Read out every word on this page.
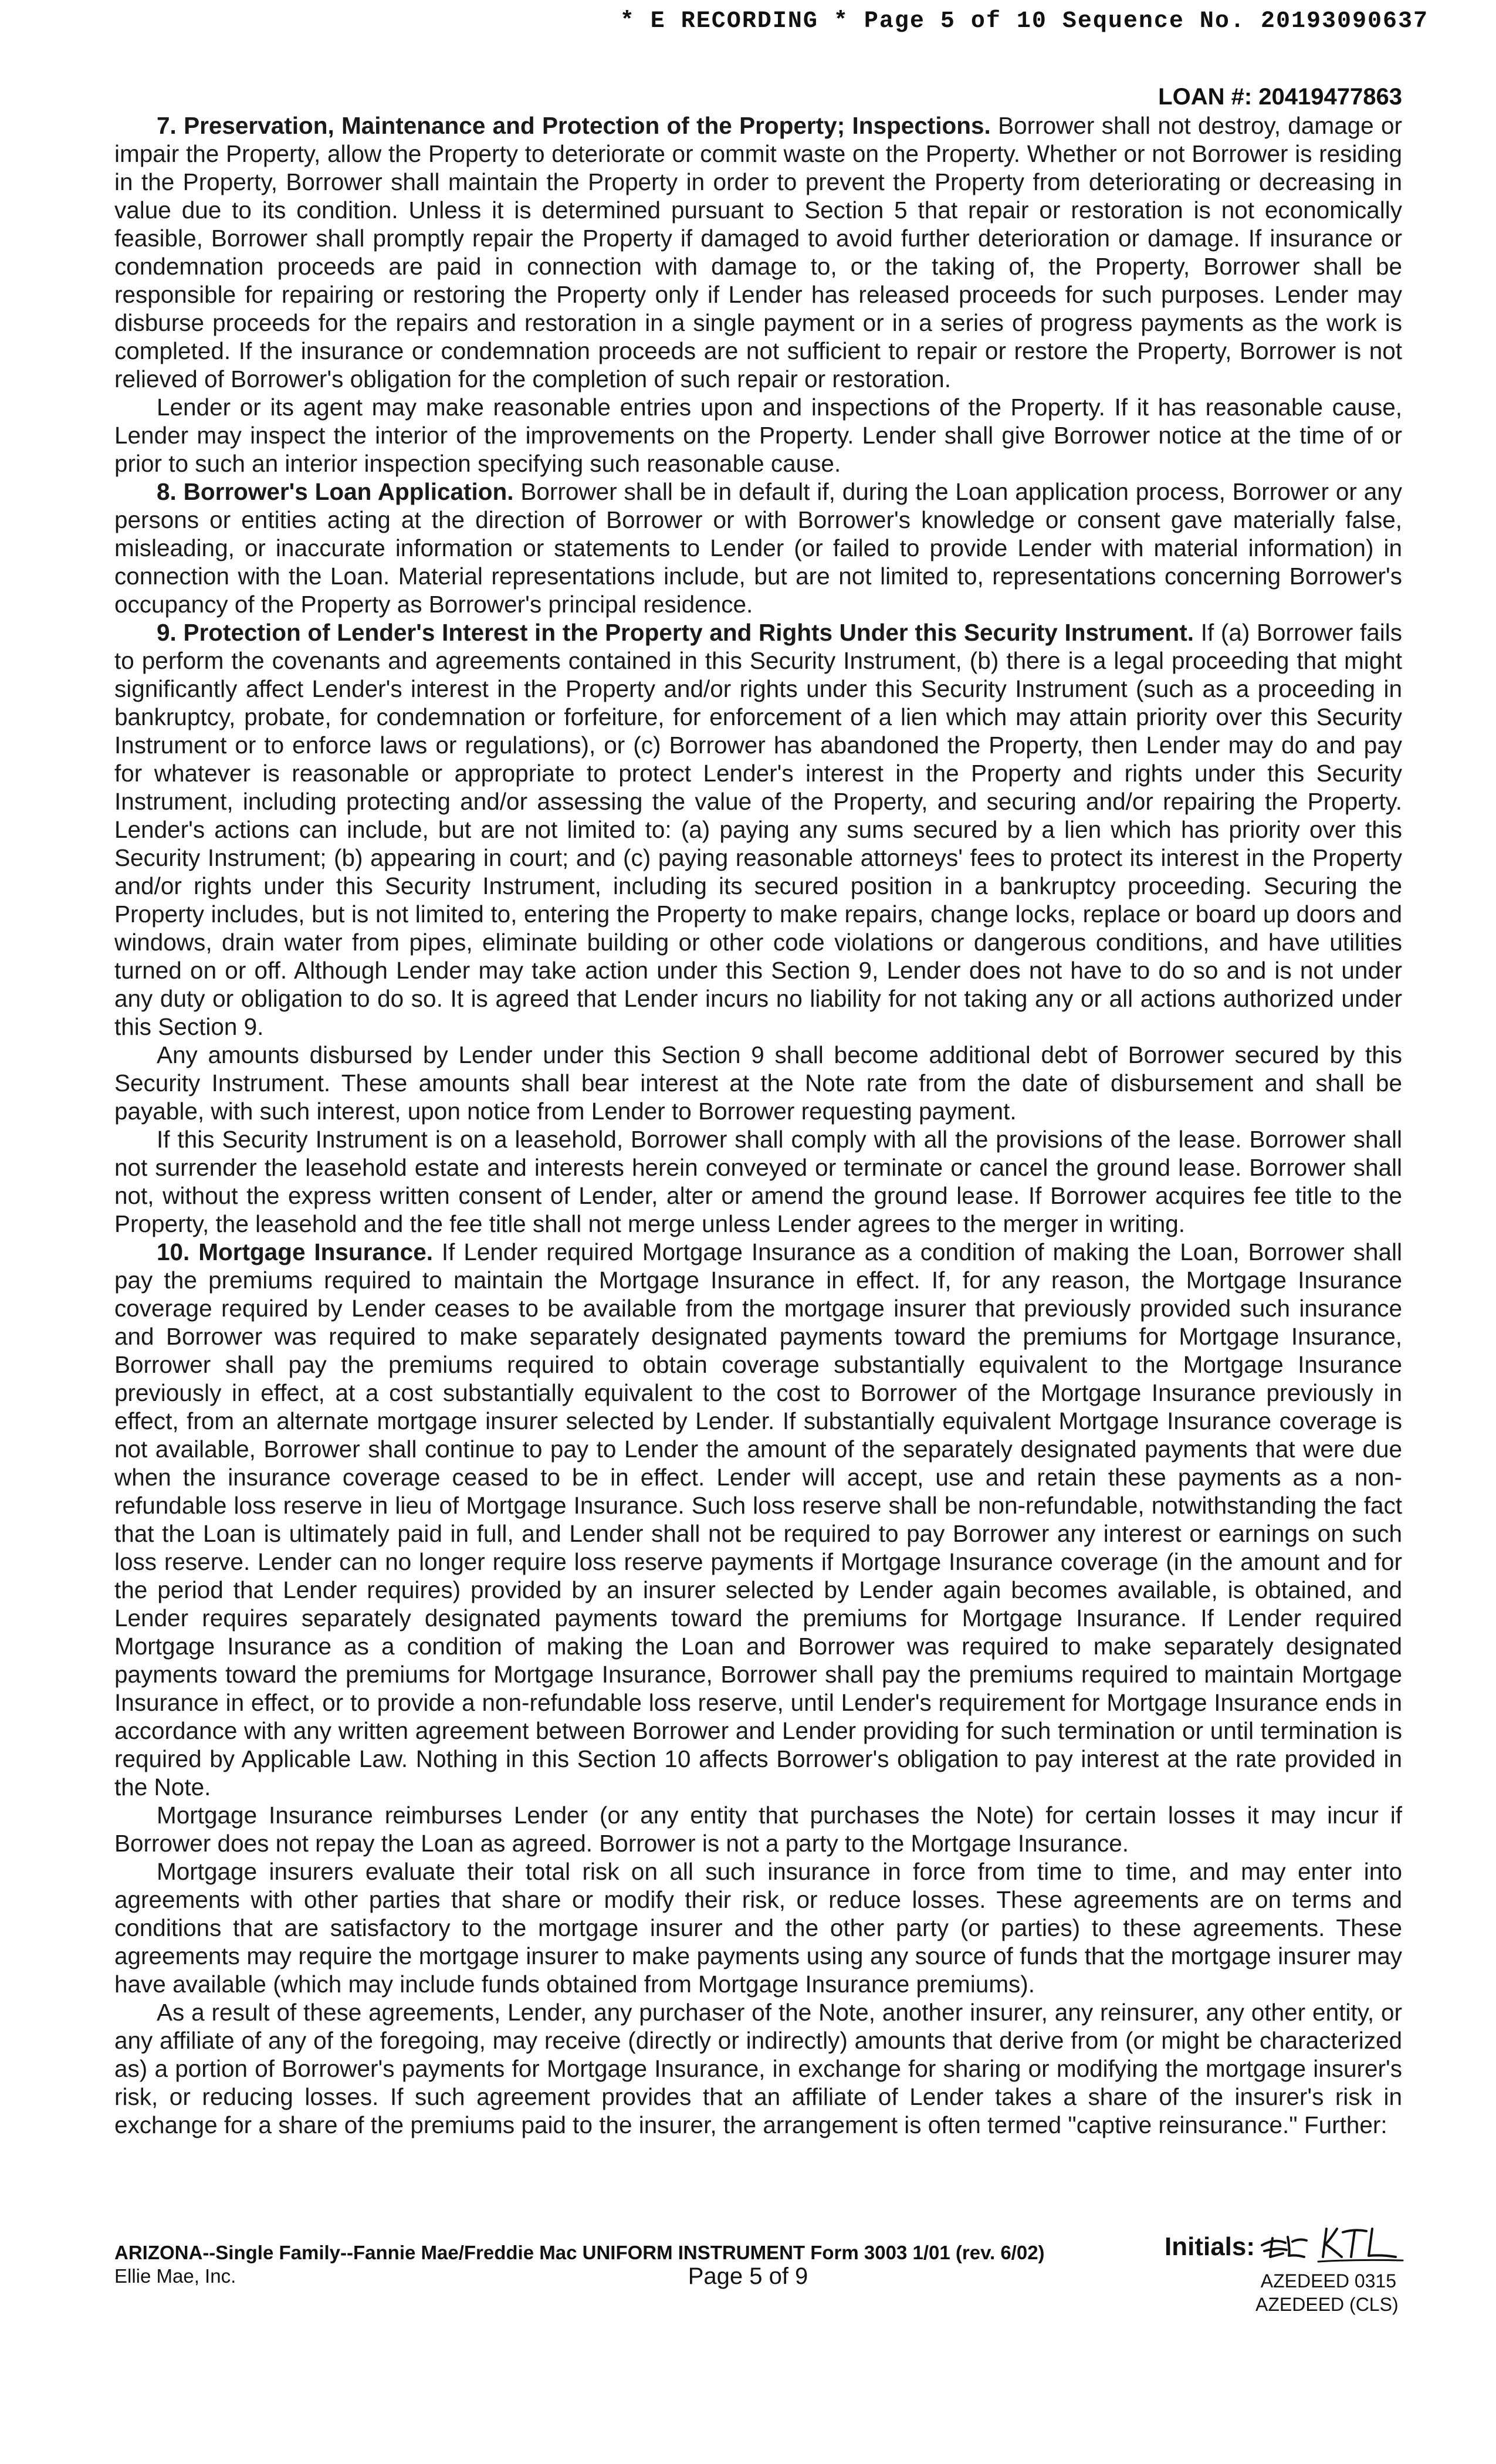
* E RECORDING * Page 5 of 10 Sequence No. 20193090637
LOAN #: 20419477863

7. Preservation, Maintenance and Protection of the Property; Inspections. Borrower shall not destroy, damage or impair the Property, allow the Property to deteriorate or commit waste on the Property. Whether or not Borrower is residing in the Property, Borrower shall maintain the Property in order to prevent the Property from deteriorating or decreasing in value due to its condition. Unless it is determined pursuant to Section 5 that repair or restoration is not economically feasible, Borrower shall promptly repair the Property if damaged to avoid further deterioration or damage. If insurance or condemnation proceeds are paid in connection with damage to, or the taking of, the Property, Borrower shall be responsible for repairing or restoring the Property only if Lender has released proceeds for such purposes. Lender may disburse proceeds for the repairs and restoration in a single payment or in a series of progress payments as the work is completed. If the insurance or condemnation proceeds are not sufficient to repair or restore the Property, Borrower is not relieved of Borrower's obligation for the completion of such repair or restoration.

Lender or its agent may make reasonable entries upon and inspections of the Property. If it has reasonable cause, Lender may inspect the interior of the improvements on the Property. Lender shall give Borrower notice at the time of or prior to such an interior inspection specifying such reasonable cause.

8. Borrower's Loan Application. Borrower shall be in default if, during the Loan application process, Borrower or any persons or entities acting at the direction of Borrower or with Borrower's knowledge or consent gave materially false, misleading, or inaccurate information or statements to Lender (or failed to provide Lender with material information) in connection with the Loan. Material representations include, but are not limited to, representations concerning Borrower's occupancy of the Property as Borrower's principal residence.

9. Protection of Lender's Interest in the Property and Rights Under this Security Instrument. If (a) Borrower fails to perform the covenants and agreements contained in this Security Instrument, (b) there is a legal proceeding that might significantly affect Lender's interest in the Property and/or rights under this Security Instrument (such as a proceeding in bankruptcy, probate, for condemnation or forfeiture, for enforcement of a lien which may attain priority over this Security Instrument or to enforce laws or regulations), or (c) Borrower has abandoned the Property, then Lender may do and pay for whatever is reasonable or appropriate to protect Lender's interest in the Property and rights under this Security Instrument, including protecting and/or assessing the value of the Property, and securing and/or repairing the Property. Lender's actions can include, but are not limited to: (a) paying any sums secured by a lien which has priority over this Security Instrument; (b) appearing in court; and (c) paying reasonable attorneys' fees to protect its interest in the Property and/or rights under this Security Instrument, including its secured position in a bankruptcy proceeding. Securing the Property includes, but is not limited to, entering the Property to make repairs, change locks, replace or board up doors and windows, drain water from pipes, eliminate building or other code violations or dangerous conditions, and have utilities turned on or off. Although Lender may take action under this Section 9, Lender does not have to do so and is not under any duty or obligation to do so. It is agreed that Lender incurs no liability for not taking any or all actions authorized under this Section 9.

Any amounts disbursed by Lender under this Section 9 shall become additional debt of Borrower secured by this Security Instrument. These amounts shall bear interest at the Note rate from the date of disbursement and shall be payable, with such interest, upon notice from Lender to Borrower requesting payment.

If this Security Instrument is on a leasehold, Borrower shall comply with all the provisions of the lease. Borrower shall not surrender the leasehold estate and interests herein conveyed or terminate or cancel the ground lease. Borrower shall not, without the express written consent of Lender, alter or amend the ground lease. If Borrower acquires fee title to the Property, the leasehold and the fee title shall not merge unless Lender agrees to the merger in writing.

10. Mortgage Insurance. If Lender required Mortgage Insurance as a condition of making the Loan, Borrower shall pay the premiums required to maintain the Mortgage Insurance in effect. If, for any reason, the Mortgage Insurance coverage required by Lender ceases to be available from the mortgage insurer that previously provided such insurance and Borrower was required to make separately designated payments toward the premiums for Mortgage Insurance, Borrower shall pay the premiums required to obtain coverage substantially equivalent to the Mortgage Insurance previously in effect, at a cost substantially equivalent to the cost to Borrower of the Mortgage Insurance previously in effect, from an alternate mortgage insurer selected by Lender. If substantially equivalent Mortgage Insurance coverage is not available, Borrower shall continue to pay to Lender the amount of the separately designated payments that were due when the insurance coverage ceased to be in effect. Lender will accept, use and retain these payments as a non-refundable loss reserve in lieu of Mortgage Insurance. Such loss reserve shall be non-refundable, notwithstanding the fact that the Loan is ultimately paid in full, and Lender shall not be required to pay Borrower any interest or earnings on such loss reserve. Lender can no longer require loss reserve payments if Mortgage Insurance coverage (in the amount and for the period that Lender requires) provided by an insurer selected by Lender again becomes available, is obtained, and Lender requires separately designated payments toward the premiums for Mortgage Insurance. If Lender required Mortgage Insurance as a condition of making the Loan and Borrower was required to make separately designated payments toward the premiums for Mortgage Insurance, Borrower shall pay the premiums required to maintain Mortgage Insurance in effect, or to provide a non-refundable loss reserve, until Lender's requirement for Mortgage Insurance ends in accordance with any written agreement between Borrower and Lender providing for such termination or until termination is required by Applicable Law. Nothing in this Section 10 affects Borrower's obligation to pay interest at the rate provided in the Note.

Mortgage Insurance reimburses Lender (or any entity that purchases the Note) for certain losses it may incur if Borrower does not repay the Loan as agreed. Borrower is not a party to the Mortgage Insurance.

Mortgage insurers evaluate their total risk on all such insurance in force from time to time, and may enter into agreements with other parties that share or modify their risk, or reduce losses. These agreements are on terms and conditions that are satisfactory to the mortgage insurer and the other party (or parties) to these agreements. These agreements may require the mortgage insurer to make payments using any source of funds that the mortgage insurer may have available (which may include funds obtained from Mortgage Insurance premiums).

As a result of these agreements, Lender, any purchaser of the Note, another insurer, any reinsurer, any other entity, or any affiliate of any of the foregoing, may receive (directly or indirectly) amounts that derive from (or might be characterized as) a portion of Borrower's payments for Mortgage Insurance, in exchange for sharing or modifying the mortgage insurer's risk, or reducing losses. If such agreement provides that an affiliate of Lender takes a share of the insurer's risk in exchange for a share of the premiums paid to the insurer, the arrangement is often termed "captive reinsurance." Further:

ARIZONA--Single Family--Fannie Mae/Freddie Mac UNIFORM INSTRUMENT Form 3003 1/01 (rev. 6/02)
Ellie Mae, Inc.	Page 5 of 9
Initials:
AZEDEED 0315
AZEDEED (CLS)
